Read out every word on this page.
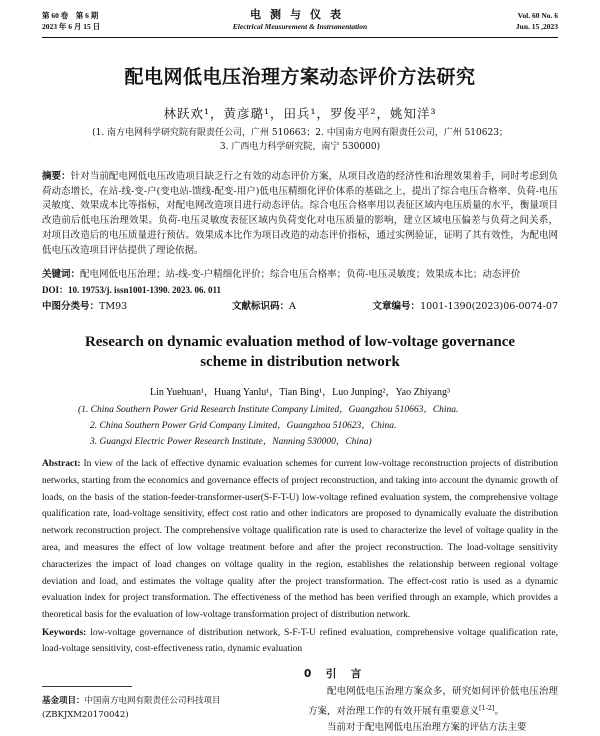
第 60 卷　第 6 期
2023 年 6 月 15 日
电测与仪表
Electrical Measurement & Instrumentation
Vol. 60 No. 6
Jun. 15 ,2023
配电网低电压治理方案动态评价方法研究
林跃欢¹，黄彦璐¹，田兵¹，罗俊平²，姚知洋³
(1. 南方电网科学研究院有限责任公司，广州 510663；2. 中国南方电网有限责任公司，广州 510623；
3. 广西电力科学研究院，南宁 530000)
摘要：针对当前配电网低电压改造项目缺乏行之有效的动态评价方案，从项目改造的经济性和治理效果着手，同时考虑到负荷动态增长，在站-线-变-户(变电站-馈线-配变-用户)低电压精细化评价体系的基础之上，提出了综合电压合格率、负荷-电压灵敏度、效果成本比等指标，对配电网改造项目进行动态评估。综合电压合格率用以表征区域内电压质量的水平，衡量项目改造前后低电压治理效果。负荷-电压灵敏度表征区域内负荷变化对电压质量的影响，建立区域电压偏差与负荷之间关系，对项目改造后的电压质量进行预估。效果成本比作为项目改造的动态评价指标，通过实例验证，证明了其有效性，为配电网低电压改造项目评估提供了理论依据。
关键词：配电网低电压治理；站-线-变-户精细化评价；综合电压合格率；负荷-电压灵敏度；效果成本比；动态评价
DOI：10. 19753/j. issn1001-1390. 2023. 06. 011
中图分类号：TM93	文献标识码：A	文章编号：1001-1390(2023)06-0074-07
Research on dynamic evaluation method of low-voltage governance scheme in distribution network
Lin Yuehuan¹，Huang Yanlu¹，Tian Bing¹，Luo Junping²，Yao Zhiyang³
(1. China Southern Power Grid Research Institute Company Limited，Guangzhou 510663，China.
2. China Southern Power Grid Company Limited，Guangzhou 510623，China.
3. Guangxi Electric Power Research Institute，Nanning 530000，China)
Abstract: In view of the lack of effective dynamic evaluation schemes for current low-voltage reconstruction projects of distribution networks, starting from the economics and governance effects of project reconstruction, and taking into account the dynamic growth of loads, on the basis of the station-feeder-transformer-user(S-F-T-U) low-voltage refined evaluation system, the comprehensive voltage qualification rate, load-voltage sensitivity, effect cost ratio and other indicators are proposed to dynamically evaluate the distribution network reconstruction project. The comprehensive voltage qualification rate is used to characterize the level of voltage quality in the area, and measures the effect of low voltage treatment before and after the project reconstruction. The load-voltage sensitivity characterizes the impact of load changes on voltage quality in the region, establishes the relationship between regional voltage deviation and load, and estimates the voltage quality after the project transformation. The effect-cost ratio is used as a dynamic evaluation index for project transformation. The effectiveness of the method has been verified through an example, which provides a theoretical basis for the evaluation of low-voltage transformation project of distribution network.
Keywords: low-voltage governance of distribution network, S-F-T-U refined evaluation, comprehensive voltage qualification rate, load-voltage sensitivity, cost-effectiveness ratio, dynamic evaluation
0　 引　言
配电网低电压治理方案众多，研究如何评价低电压治理方案，对治理工作的有效开展有重要意义[1-2]。
当前对于配电网低电压治理方案的评估方法主要
基金项目：中国南方电网有限责任公司科技项目(ZBKJXM20170042)
